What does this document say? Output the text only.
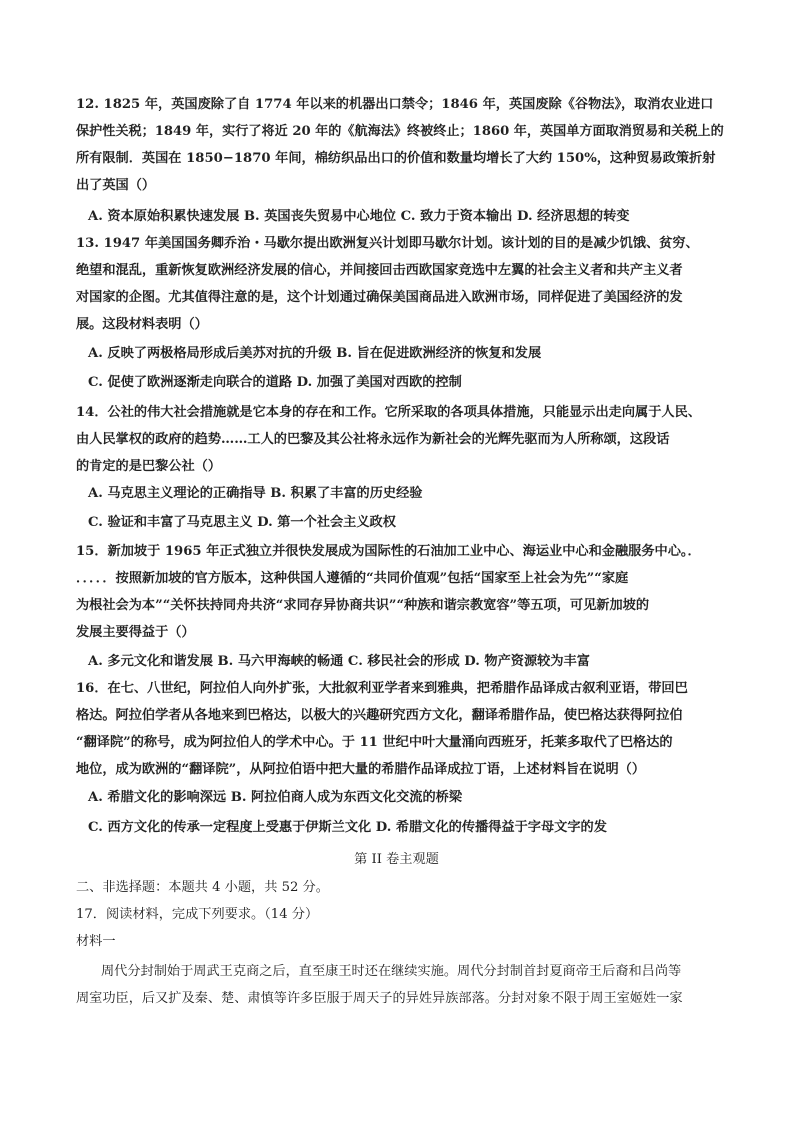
12. 1825 年，英国废除了自 1774 年以来的机器出口禁令；1846 年，英国废除《谷物法》，取消农业进口
保护性关税；1849 年，实行了将近 20 年的《航海法》终被终止；1860 年，英国单方面取消贸易和关税上的
所有限制．英国在 1850−1870 年间，棉纺织品出口的价值和数量均增长了大约 150%，这种贸易政策折射
出了英国（）
A. 资本原始积累快速发展 B. 英国丧失贸易中心地位 C. 致力于资本输出 D. 经济思想的转变
13. 1947 年美国国务卿乔治・马歇尔提出欧洲复兴计划即马歇尔计划。该计划的目的是减少饥饿、贫穷、
绝望和混乱，重新恢复欧洲经济发展的信心，并间接回击西欧国家竞选中左翼的社会主义者和共产主义者
对国家的企图。尤其值得注意的是，这个计划通过确保美国商品进入欧洲市场，同样促进了美国经济的发
展。这段材料表明（）
A. 反映了两极格局形成后美苏对抗的升级 B. 旨在促进欧洲经济的恢复和发展
C. 促使了欧洲逐渐走向联合的道路 D. 加强了美国对西欧的控制
14．公社的伟大社会措施就是它本身的存在和工作。它所采取的各项具体措施，只能显示出走向属于人民、
由人民掌权的政府的趋势……工人的巴黎及其公社将永远作为新社会的光辉先驱而为人所称颂，这段话
的肯定的是巴黎公社（）
A. 马克思主义理论的正确指导 B. 积累了丰富的历史经验
C. 验证和丰富了马克思主义 D. 第一个社会主义政权
15．新加坡于 1965 年正式独立并很快发展成为国际性的石油加工业中心、海运业中心和金融服务中心。．
．．．．．按照新加坡的官方版本，这种供国人遵循的“共同价值观”包括“国家至上社会为先”“家庭
为根社会为本”“关怀扶持同舟共济“求同存异协商共识”“种族和谐宗教宽容”等五项，可见新加坡的
发展主要得益于（）
A. 多元文化和谐发展 B. 马六甲海峡的畅通 C. 移民社会的形成 D. 物产资源较为丰富
16．在七、八世纪，阿拉伯人向外扩张，大批叙利亚学者来到雅典，把希腊作品译成古叙利亚语，带回巴
格达。阿拉伯学者从各地来到巴格达，以极大的兴趣研究西方文化，翻译希腊作品，使巴格达获得阿拉伯
“翻译院”的称号，成为阿拉伯人的学术中心。于 11 世纪中叶大量涌向西班牙，托莱多取代了巴格达的
地位，成为欧洲的“翻译院”，从阿拉伯语中把大量的希腊作品译成拉丁语，上述材料旨在说明（）
A. 希腊文化的影响深远 B. 阿拉伯商人成为东西文化交流的桥梁
C. 西方文化的传承一定程度上受惠于伊斯兰文化 D. 希腊文化的传播得益于字母文字的发
第 II 卷主观题
二、非选择题：本题共 4 小题，共 52 分。
17．阅读材料，完成下列要求。（14 分）
材料一
周代分封制始于周武王克商之后，直至康王时还在继续实施。周代分封制首封夏商帝王后裔和吕尚等
周室功臣，后又扩及秦、楚、肃慎等许多臣服于周天子的异姓异族部落。分封对象不限于周王室姬姓一家
